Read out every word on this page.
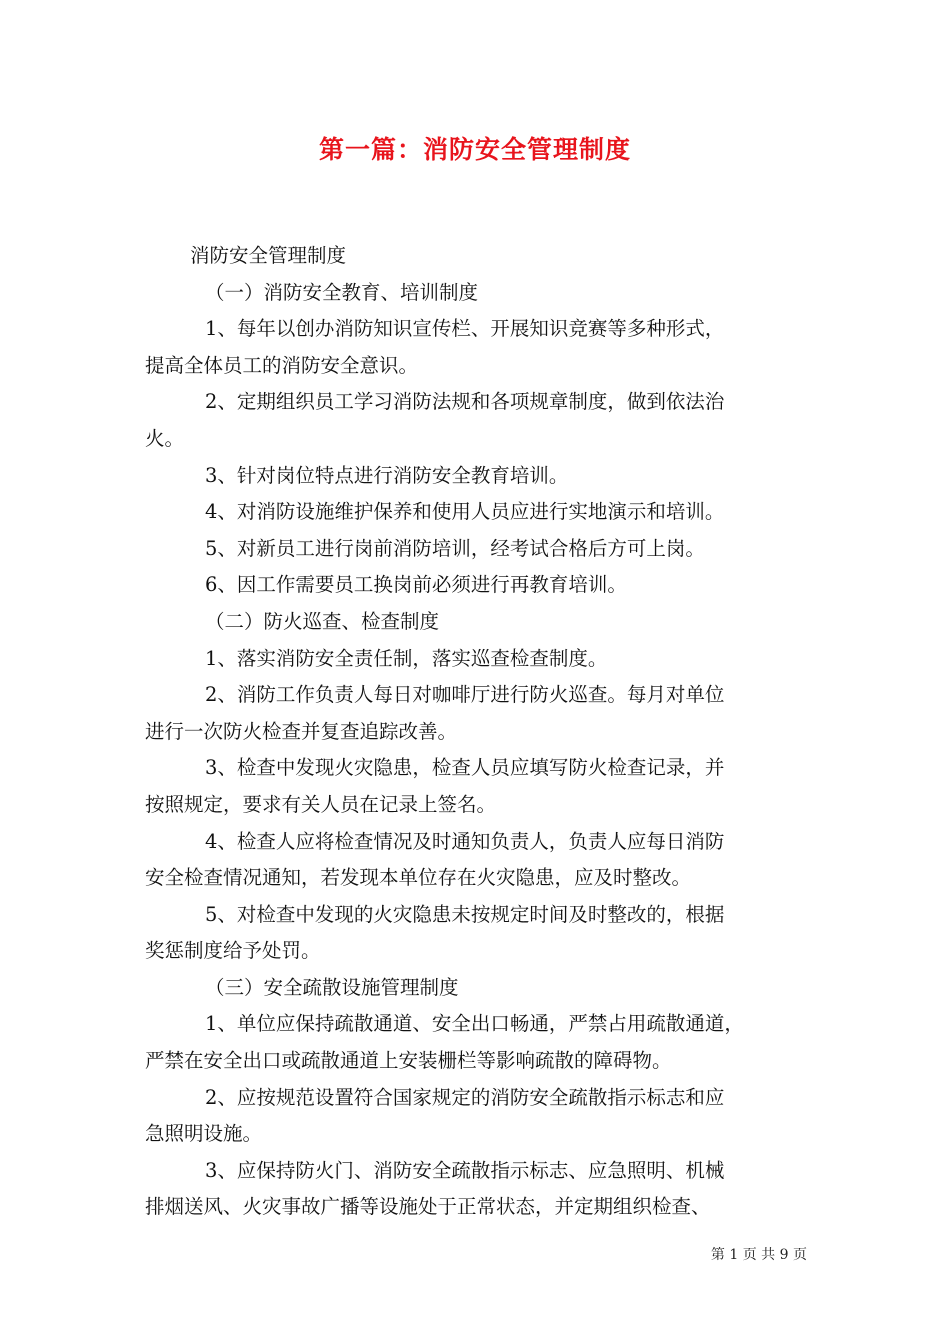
第一篇：消防安全管理制度

消防安全管理制度

（一）消防安全教育、培训制度

1、每年以创办消防知识宣传栏、开展知识竞赛等多种形式，

提高全体员工的消防安全意识。

2、定期组织员工学习消防法规和各项规章制度，做到依法治

火。

3、针对岗位特点进行消防安全教育培训。

4、对消防设施维护保养和使用人员应进行实地演示和培训。

5、对新员工进行岗前消防培训，经考试合格后方可上岗。

6、因工作需要员工换岗前必须进行再教育培训。

（二）防火巡查、检查制度

1、落实消防安全责任制，落实巡查检查制度。

2、消防工作负责人每日对咖啡厅进行防火巡查。每月对单位

进行一次防火检查并复查追踪改善。

3、检查中发现火灾隐患，检查人员应填写防火检查记录，并

按照规定，要求有关人员在记录上签名。

4、检查人应将检查情况及时通知负责人，负责人应每日消防

安全检查情况通知，若发现本单位存在火灾隐患，应及时整改。

5、对检查中发现的火灾隐患未按规定时间及时整改的，根据

奖惩制度给予处罚。

（三）安全疏散设施管理制度

1、单位应保持疏散通道、安全出口畅通，严禁占用疏散通道，

严禁在安全出口或疏散通道上安装栅栏等影响疏散的障碍物。

2、应按规范设置符合国家规定的消防安全疏散指示标志和应

急照明设施。

3、应保持防火门、消防安全疏散指示标志、应急照明、机械

排烟送风、火灾事故广播等设施处于正常状态，并定期组织检查、

第 1 页 共 9 页
